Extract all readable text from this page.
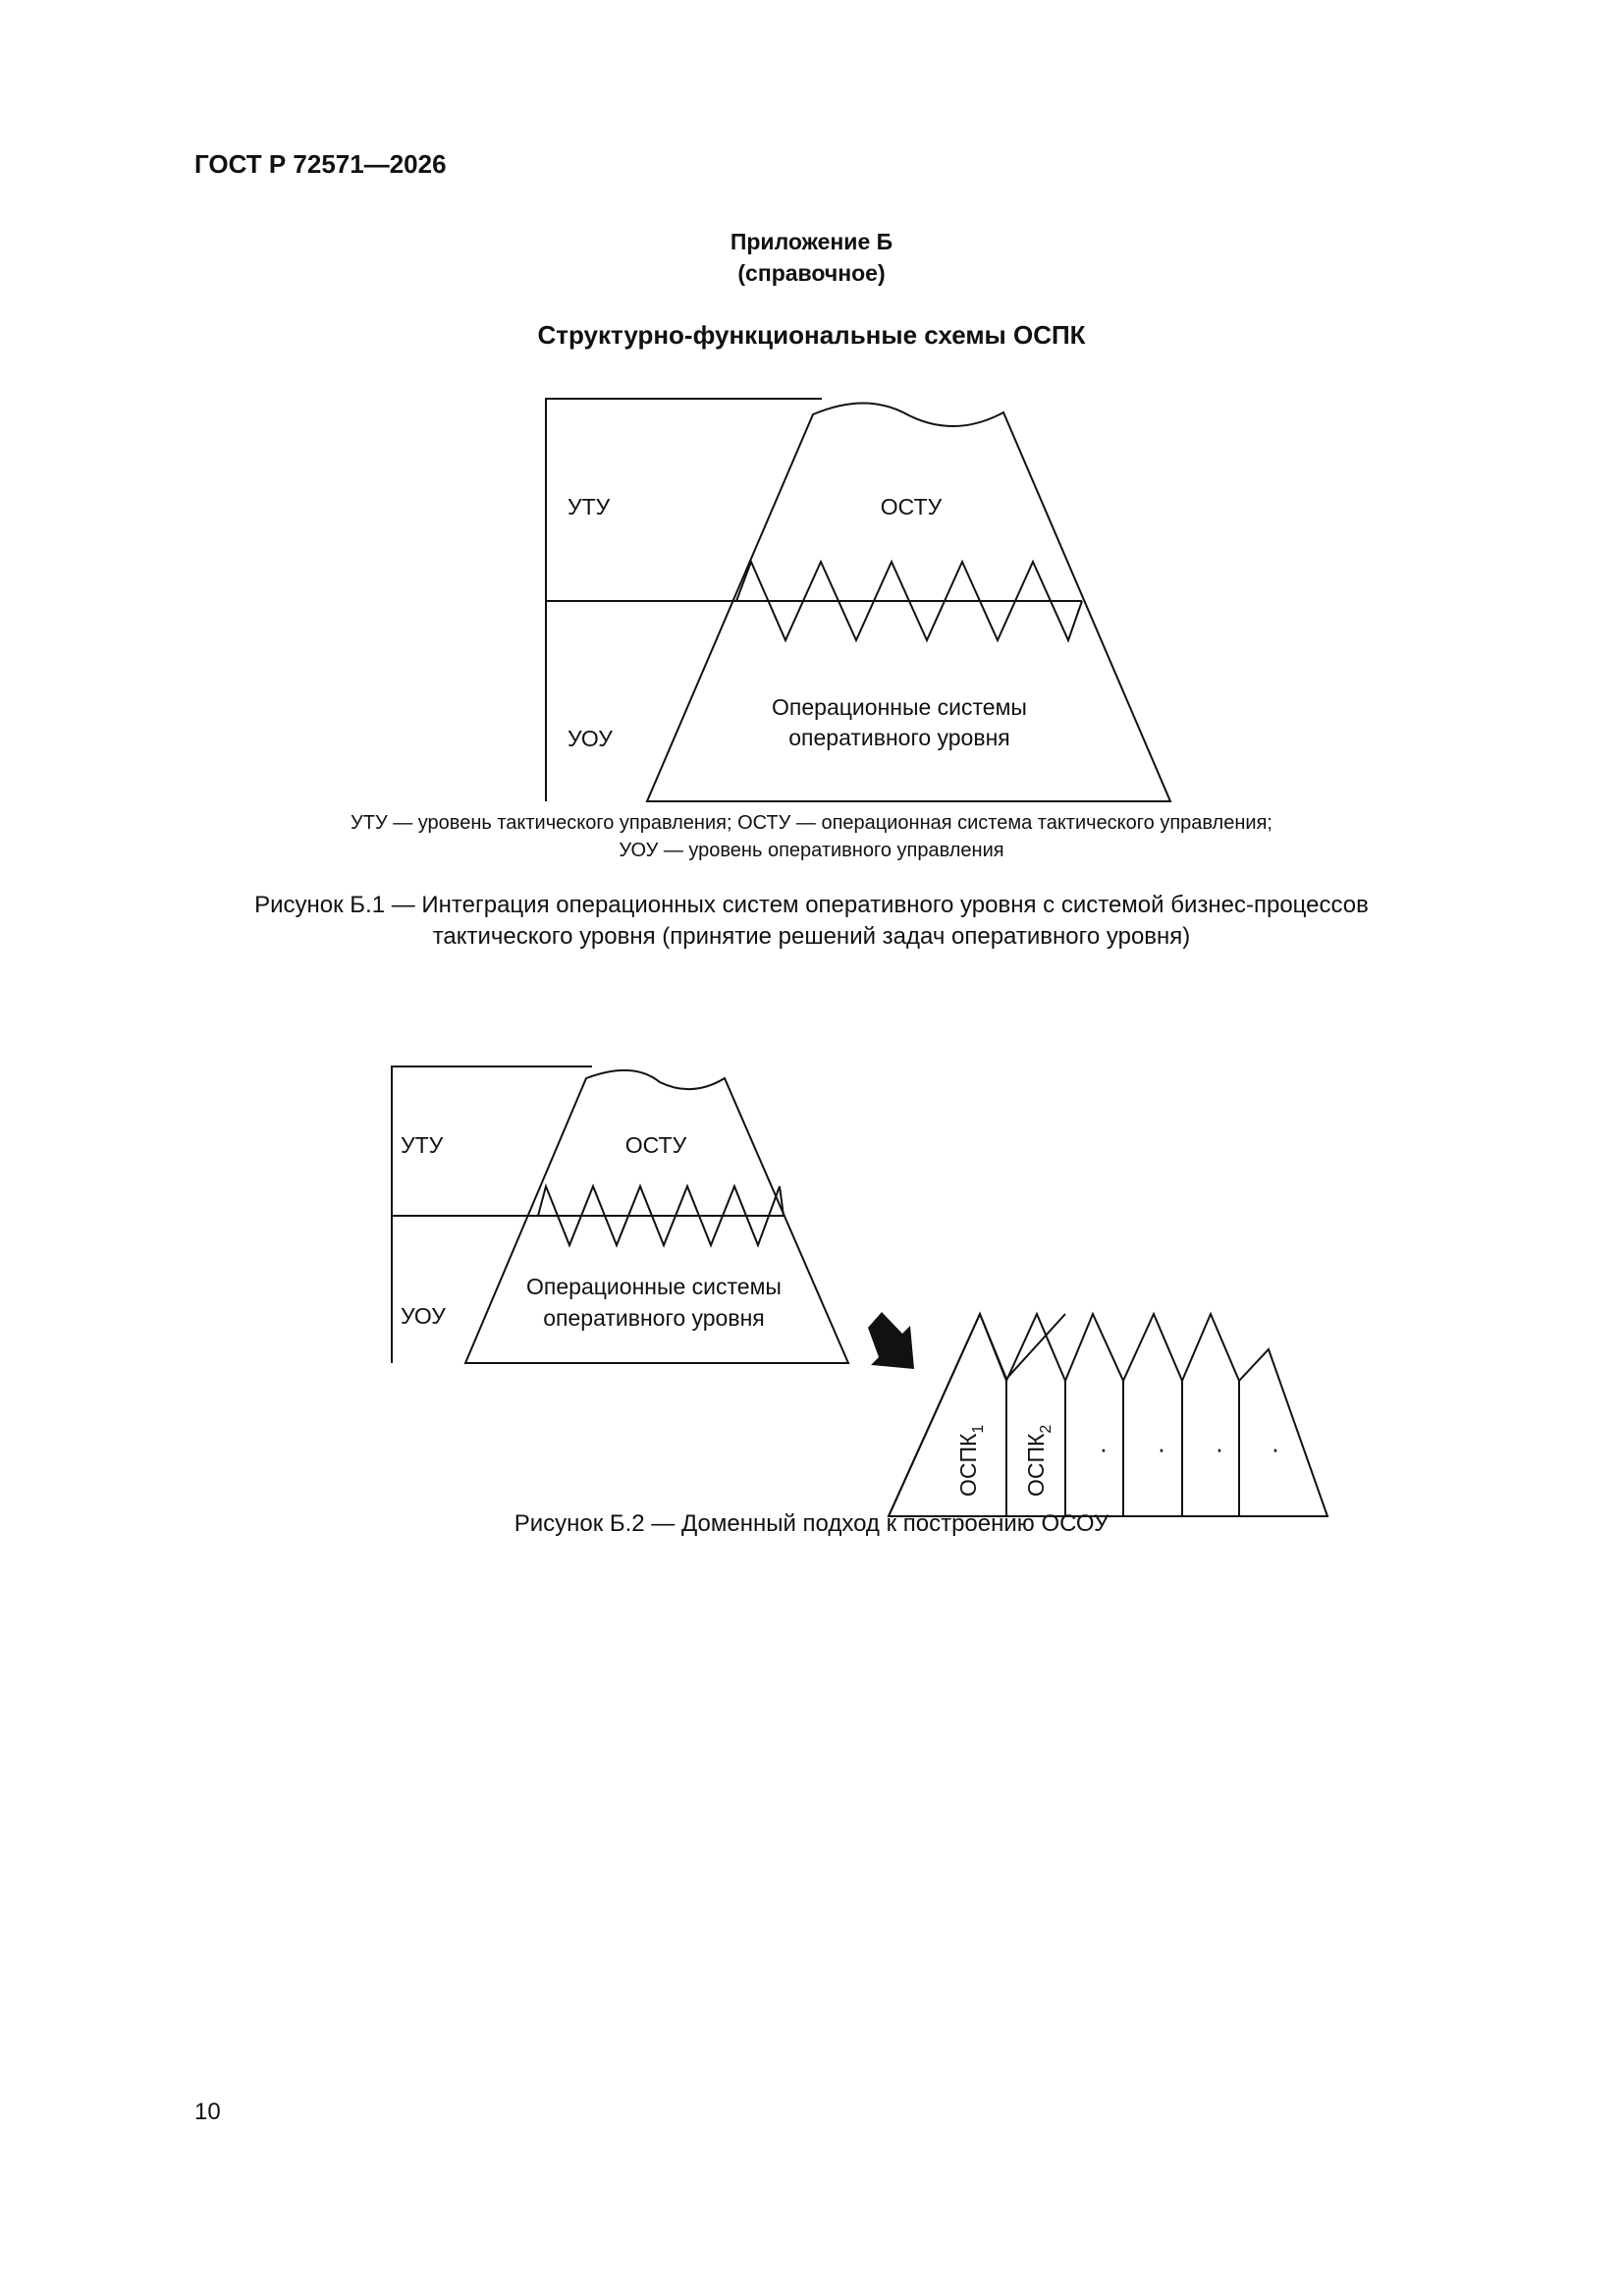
ГОСТ Р 72571—2026
Приложение Б
(справочное)
Структурно-функциональные схемы ОСПК
УТУ
УОУ
ОСТУ
Операционные системы
оперативного уровня
УТУ — уровень тактического управления; ОСТУ — операционная система тактического управления;
УОУ — уровень оперативного управления
Рисунок Б.1 — Интеграция операционных систем оперативного уровня с системой бизнес-процессов
тактического уровня (принятие решений задач оперативного уровня)
УТУ
УОУ
ОСТУ
Операционные системы
оперативного уровня
$ОСПК_1$
$ОСПК_2$
· · · ·
Рисунок Б.2 — Доменный подход к построению ОСОУ
10
